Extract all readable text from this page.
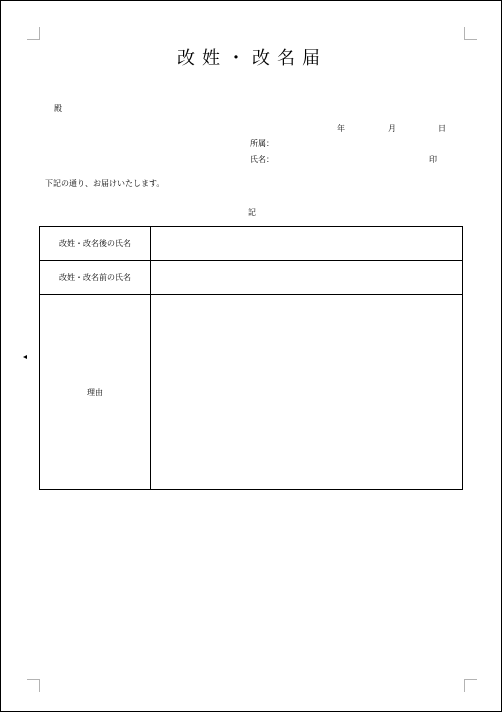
改姓・改名届
殿
年	月	日
所属：
氏名：	印
下記の通り、お届けいたします。
記
改姓・改名後の氏名	
改姓・改名前の氏名	
理由	
